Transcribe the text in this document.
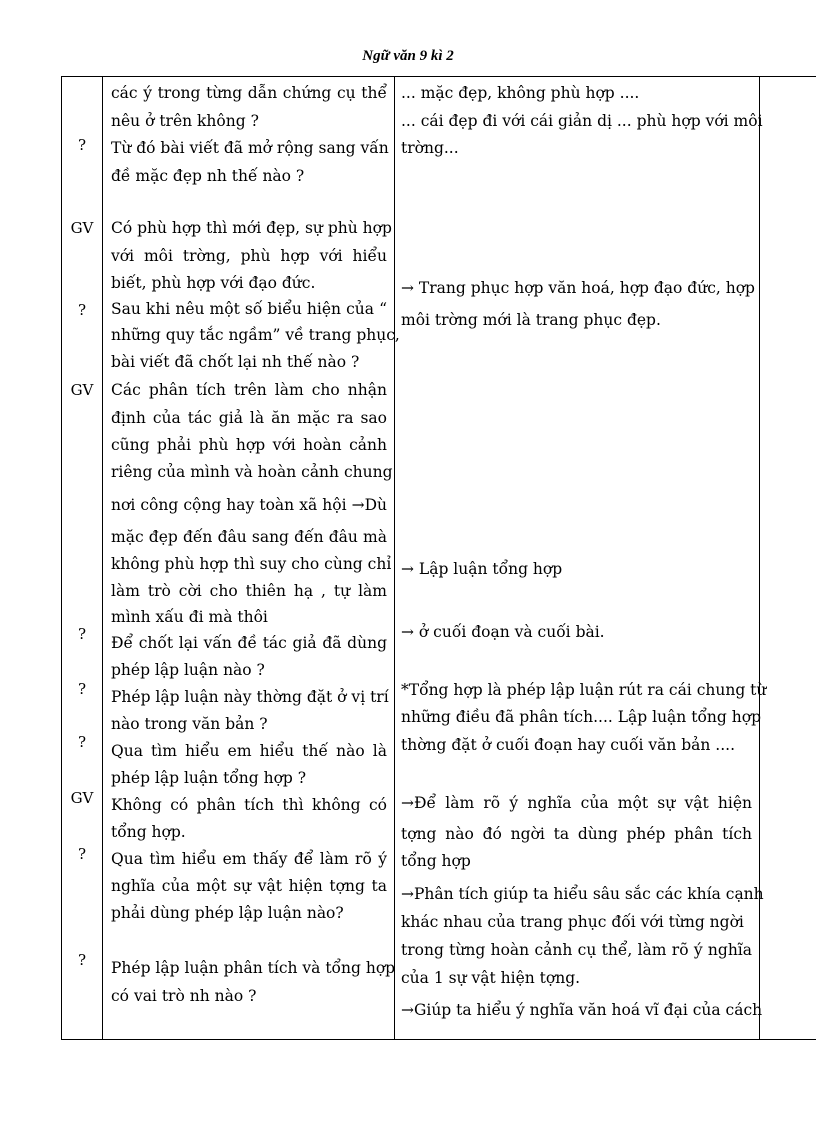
Ngữ văn 9 kì 2
?
GV
?
GV
?
?
?
GV
?
?
các ý trong từng dẫn chứng cụ thể
nêu ở trên không ?
Từ đó bài viết đã mở rộng sang vấn
đề mặc đẹp nh thế nào ?
Có phù hợp thì mới đẹp, sự phù hợp
với môi trờng, phù hợp với hiểu
biết, phù hợp với đạo đức.
Sau khi nêu một số biểu hiện của “
những quy tắc ngầm” về trang phục,
bài viết đã chốt lại nh thế nào ?
Các phân tích trên làm cho nhận
định của tác giả là ăn mặc ra sao
cũng phải phù hợp với hoàn cảnh
riêng của mình và hoàn cảnh chung
nơi công cộng hay toàn xã hội →Dù
mặc đẹp đến đâu sang đến đâu mà
không phù hợp thì suy cho cùng chỉ
làm trò cời cho thiên hạ , tự làm
mình xấu đi mà thôi
Để chốt lại vấn đề tác giả đã dùng
phép lập luận nào ?
Phép lập luận này thờng đặt ở vị trí
nào trong văn bản ?
Qua tìm hiểu em hiểu thế nào là
phép lập luận tổng hợp ?
Không có phân tích thì không có
tổng hợp.
Qua tìm hiểu em thấy để làm rõ ý
nghĩa của một sự vật hiện tợng ta
phải dùng phép lập luận nào?
Phép lập luận phân tích và tổng hợp
có vai trò nh nào ?
... mặc đẹp, không phù hợp ....
... cái đẹp đi với cái giản dị ... phù hợp với môi
trờng...
→ Trang phục hợp văn hoá, hợp đạo đức, hợp
môi trờng mới là trang phục đẹp.
→ Lập luận tổng hợp
→ ở cuối đoạn và cuối bài.
*Tổng hợp là phép lập luận rút ra cái chung từ
những điều đã phân tích.... Lập luận tổng hợp
thờng đặt ở cuối đoạn hay cuối văn bản ....
→Để làm rõ ý nghĩa của một sự vật hiện
tợng nào đó ngời ta dùng phép phân tích
tổng hợp
→Phân tích giúp ta hiểu sâu sắc các khía cạnh
khác nhau của trang phục đối với từng ngời
trong từng hoàn cảnh cụ thể, làm rõ ý nghĩa
của 1 sự vật hiện tợng.
→Giúp ta hiểu ý nghĩa văn hoá vĩ đại của cách
